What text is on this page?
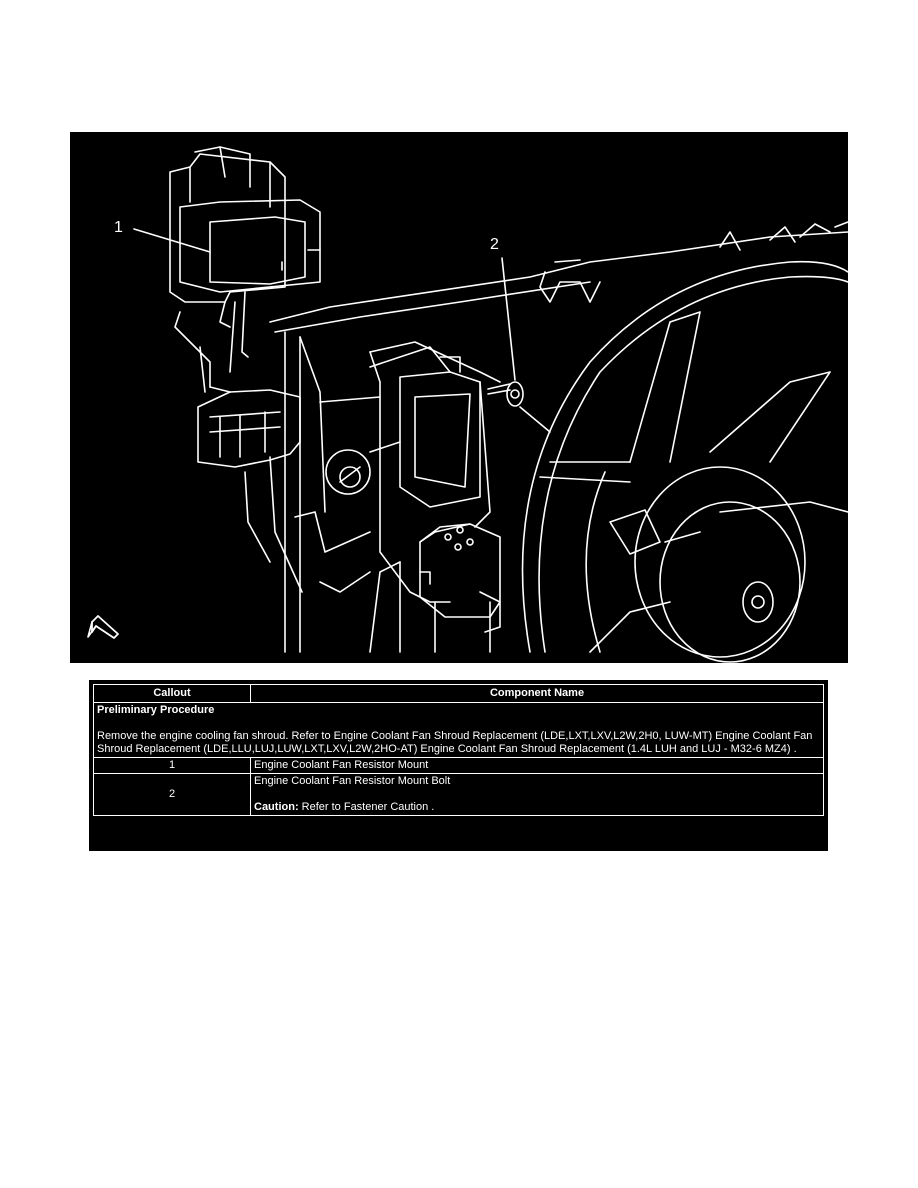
1
2
Callout	Component Name

Preliminary Procedure
Remove the engine cooling fan shroud. Refer to Engine Coolant Fan Shroud Replacement (LDE,LXT,LXV,L2W,2H0, LUW-MT) Engine Coolant Fan Shroud Replacement (LDE,LLU,LUJ,LUW,LXT,LXV,L2W,2HO-AT) Engine Coolant Fan Shroud Replacement (1.4L LUH and LUJ - M32-6 MZ4) .	
1	Engine Coolant Fan Resistor Mount
2	Engine Coolant Fan Resistor Mount Bolt
Caution: Refer to Fastener Caution .
